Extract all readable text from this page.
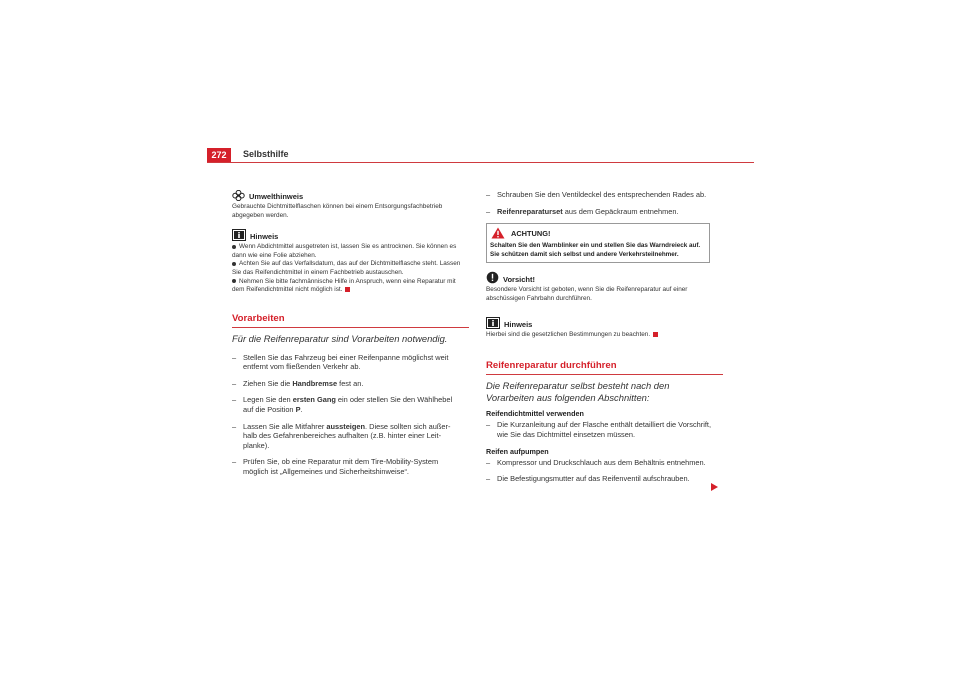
272	Selbsthilfe
Umwelthinweis
Gebrauchte Dichtmittelflaschen können bei einem Entsorgungsfachbetrieb abgegeben werden.
Hinweis
Wenn Abdichtmittel ausgetreten ist, lassen Sie es antrocknen. Sie können es dann wie eine Folie abziehen.
Achten Sie auf das Verfallsdatum, das auf der Dichtmittelflasche steht. Lassen Sie das Reifendichtmittel in einem Fachbetrieb austauschen.
Nehmen Sie bitte fachmännische Hilfe in Anspruch, wenn eine Reparatur mit dem Reifendichtmittel nicht möglich ist.
Vorarbeiten
Für die Reifenreparatur sind Vorarbeiten notwendig.
– Stellen Sie das Fahrzeug bei einer Reifenpanne möglichst weit entfernt vom fließenden Verkehr ab.
– Ziehen Sie die Handbremse fest an.
– Legen Sie den ersten Gang ein oder stellen Sie den Wählhebel auf die Position P.
– Lassen Sie alle Mitfahrer aussteigen. Diese sollten sich außer-halb des Gefahrenbereiches aufhalten (z.B. hinter einer Leit-planke).
– Prüfen Sie, ob eine Reparatur mit dem Tire-Mobility-System möglich ist „Allgemeines und Sicherheitshinweise“.
– Schrauben Sie den Ventildeckel des entsprechenden Rades ab.
– Reifenreparaturset aus dem Gepäckraum entnehmen.
ACHTUNG!
Schalten Sie den Warnblinker ein und stellen Sie das Warndreieck auf. Sie schützen damit sich selbst und andere Verkehrsteilnehmer.
Vorsicht!
Besondere Vorsicht ist geboten, wenn Sie die Reifenreparatur auf einer abschüssigen Fahrbahn durchführen.
Hinweis
Hierbei sind die gesetzlichen Bestimmungen zu beachten.
Reifenreparatur durchführen
Die Reifenreparatur selbst besteht nach den Vorarbeiten aus folgenden Abschnitten:
Reifendichtmittel verwenden
– Die Kurzanleitung auf der Flasche enthält detailliert die Vorschrift, wie Sie das Dichtmittel einsetzen müssen.
Reifen aufpumpen
– Kompressor und Druckschlauch aus dem Behältnis entnehmen.
– Die Befestigungsmutter auf das Reifenventil aufschrauben.
